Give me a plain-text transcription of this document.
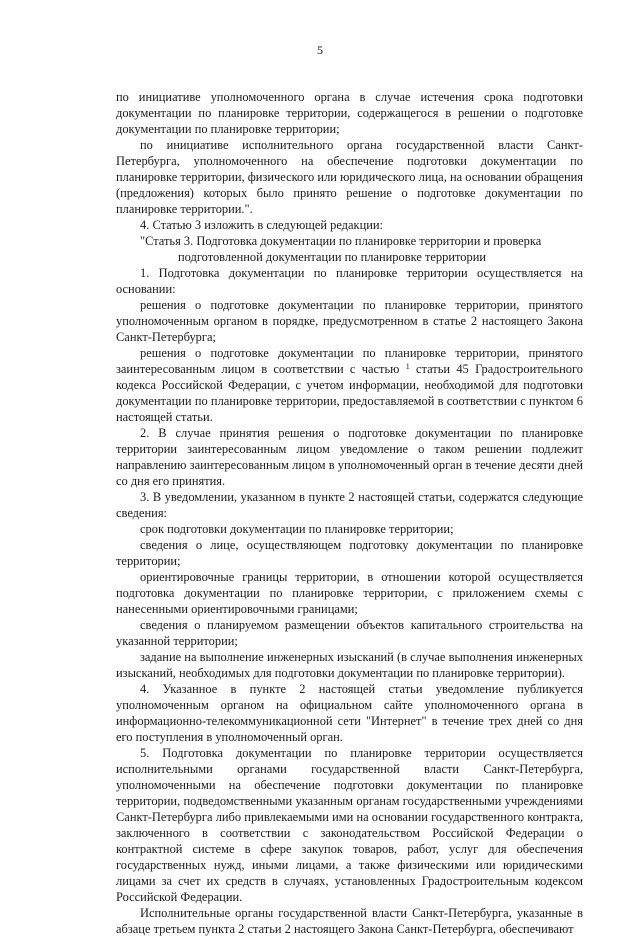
5

по инициативе уполномоченного органа в случае истечения срока подготовки документации по планировке территории, содержащегося в решении о подготовке документации по планировке территории;

по инициативе исполнительного органа государственной власти Санкт-Петербурга, уполномоченного на обеспечение подготовки документации по планировке территории, физического или юридического лица, на основании обращения (предложения) которых было принято решение о подготовке документации по планировке территории.".

4. Статью 3 изложить в следующей редакции:

"Статья 3. Подготовка документации по планировке территории и проверка

подготовленной документации по планировке территории

1. Подготовка документации по планировке территории осуществляется на основании:

решения о подготовке документации по планировке территории, принятого уполномоченным органом в порядке, предусмотренном в статье 2 настоящего Закона Санкт-Петербурга;

решения о подготовке документации по планировке территории, принятого заинтересованным лицом в соответствии с частью $^1$ статьи 45 Градостроительного кодекса Российской Федерации, с учетом информации, необходимой для подготовки документации по планировке территории, предоставляемой в соответствии с пунктом 6 настоящей статьи.

2. В случае принятия решения о подготовке документации по планировке территории заинтересованным лицом уведомление о таком решении подлежит направлению заинтересованным лицом в уполномоченный орган в течение десяти дней со дня его принятия.

3. В уведомлении, указанном в пункте 2 настоящей статьи, содержатся следующие сведения:

срок подготовки документации по планировке территории;

сведения о лице, осуществляющем подготовку документации по планировке территории;

ориентировочные границы территории, в отношении которой осуществляется подготовка документации по планировке территории, с приложением схемы с нанесенными ориентировочными границами;

сведения о планируемом размещении объектов капитального строительства на указанной территории;

задание на выполнение инженерных изысканий (в случае выполнения инженерных изысканий, необходимых для подготовки документации по планировке территории).

4. Указанное в пункте 2 настоящей статьи уведомление публикуется уполномоченным органом на официальном сайте уполномоченного органа в информационно-телекоммуникационной сети "Интернет" в течение трех дней со дня его поступления в уполномоченный орган.

5. Подготовка документации по планировке территории осуществляется исполнительными органами государственной власти Санкт-Петербурга, уполномоченными на обеспечение подготовки документации по планировке территории, подведомственными указанным органам государственными учреждениями Санкт-Петербурга либо привлекаемыми ими на основании государственного контракта, заключенного в соответствии с законодательством Российской Федерации о контрактной системе в сфере закупок товаров, работ, услуг для обеспечения государственных нужд, иными лицами, а также физическими или юридическими лицами за счет их средств в случаях, установленных Градостроительным кодексом Российской Федерации.

Исполнительные органы государственной власти Санкт-Петербурга, указанные в абзаце третьем пункта 2 статьи 2 настоящего Закона Санкт-Петербурга, обеспечивают
